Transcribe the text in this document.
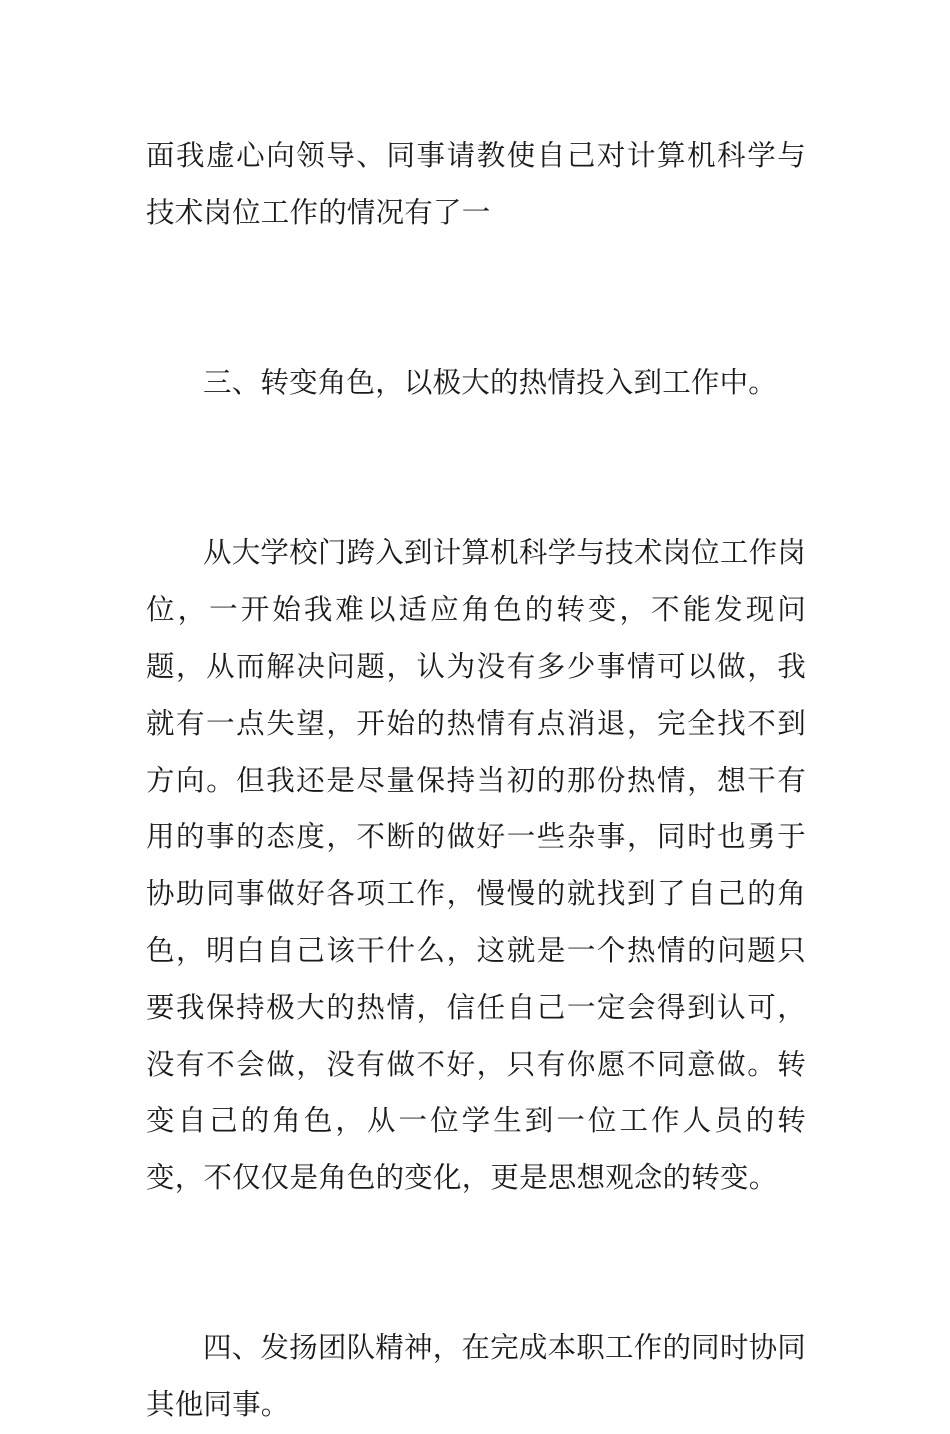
面我虚心向领导、同事请教使自己对计算机科学与技术岗位工作的情况有了一

三、转变角色，以极大的热情投入到工作中。

从大学校门跨入到计算机科学与技术岗位工作岗位，一开始我难以适应角色的转变，不能发现问题，从而解决问题，认为没有多少事情可以做，我就有一点失望，开始的热情有点消退，完全找不到方向。但我还是尽量保持当初的那份热情，想干有用的事的态度，不断的做好一些杂事，同时也勇于协助同事做好各项工作，慢慢的就找到了自己的角色，明白自己该干什么，这就是一个热情的问题只要我保持极大的热情，信任自己一定会得到认可，没有不会做，没有做不好，只有你愿不同意做。转变自己的角色，从一位学生到一位工作人员的转变，不仅仅是角色的变化，更是思想观念的转变。

四、发扬团队精神，在完成本职工作的同时协同其他同事。
